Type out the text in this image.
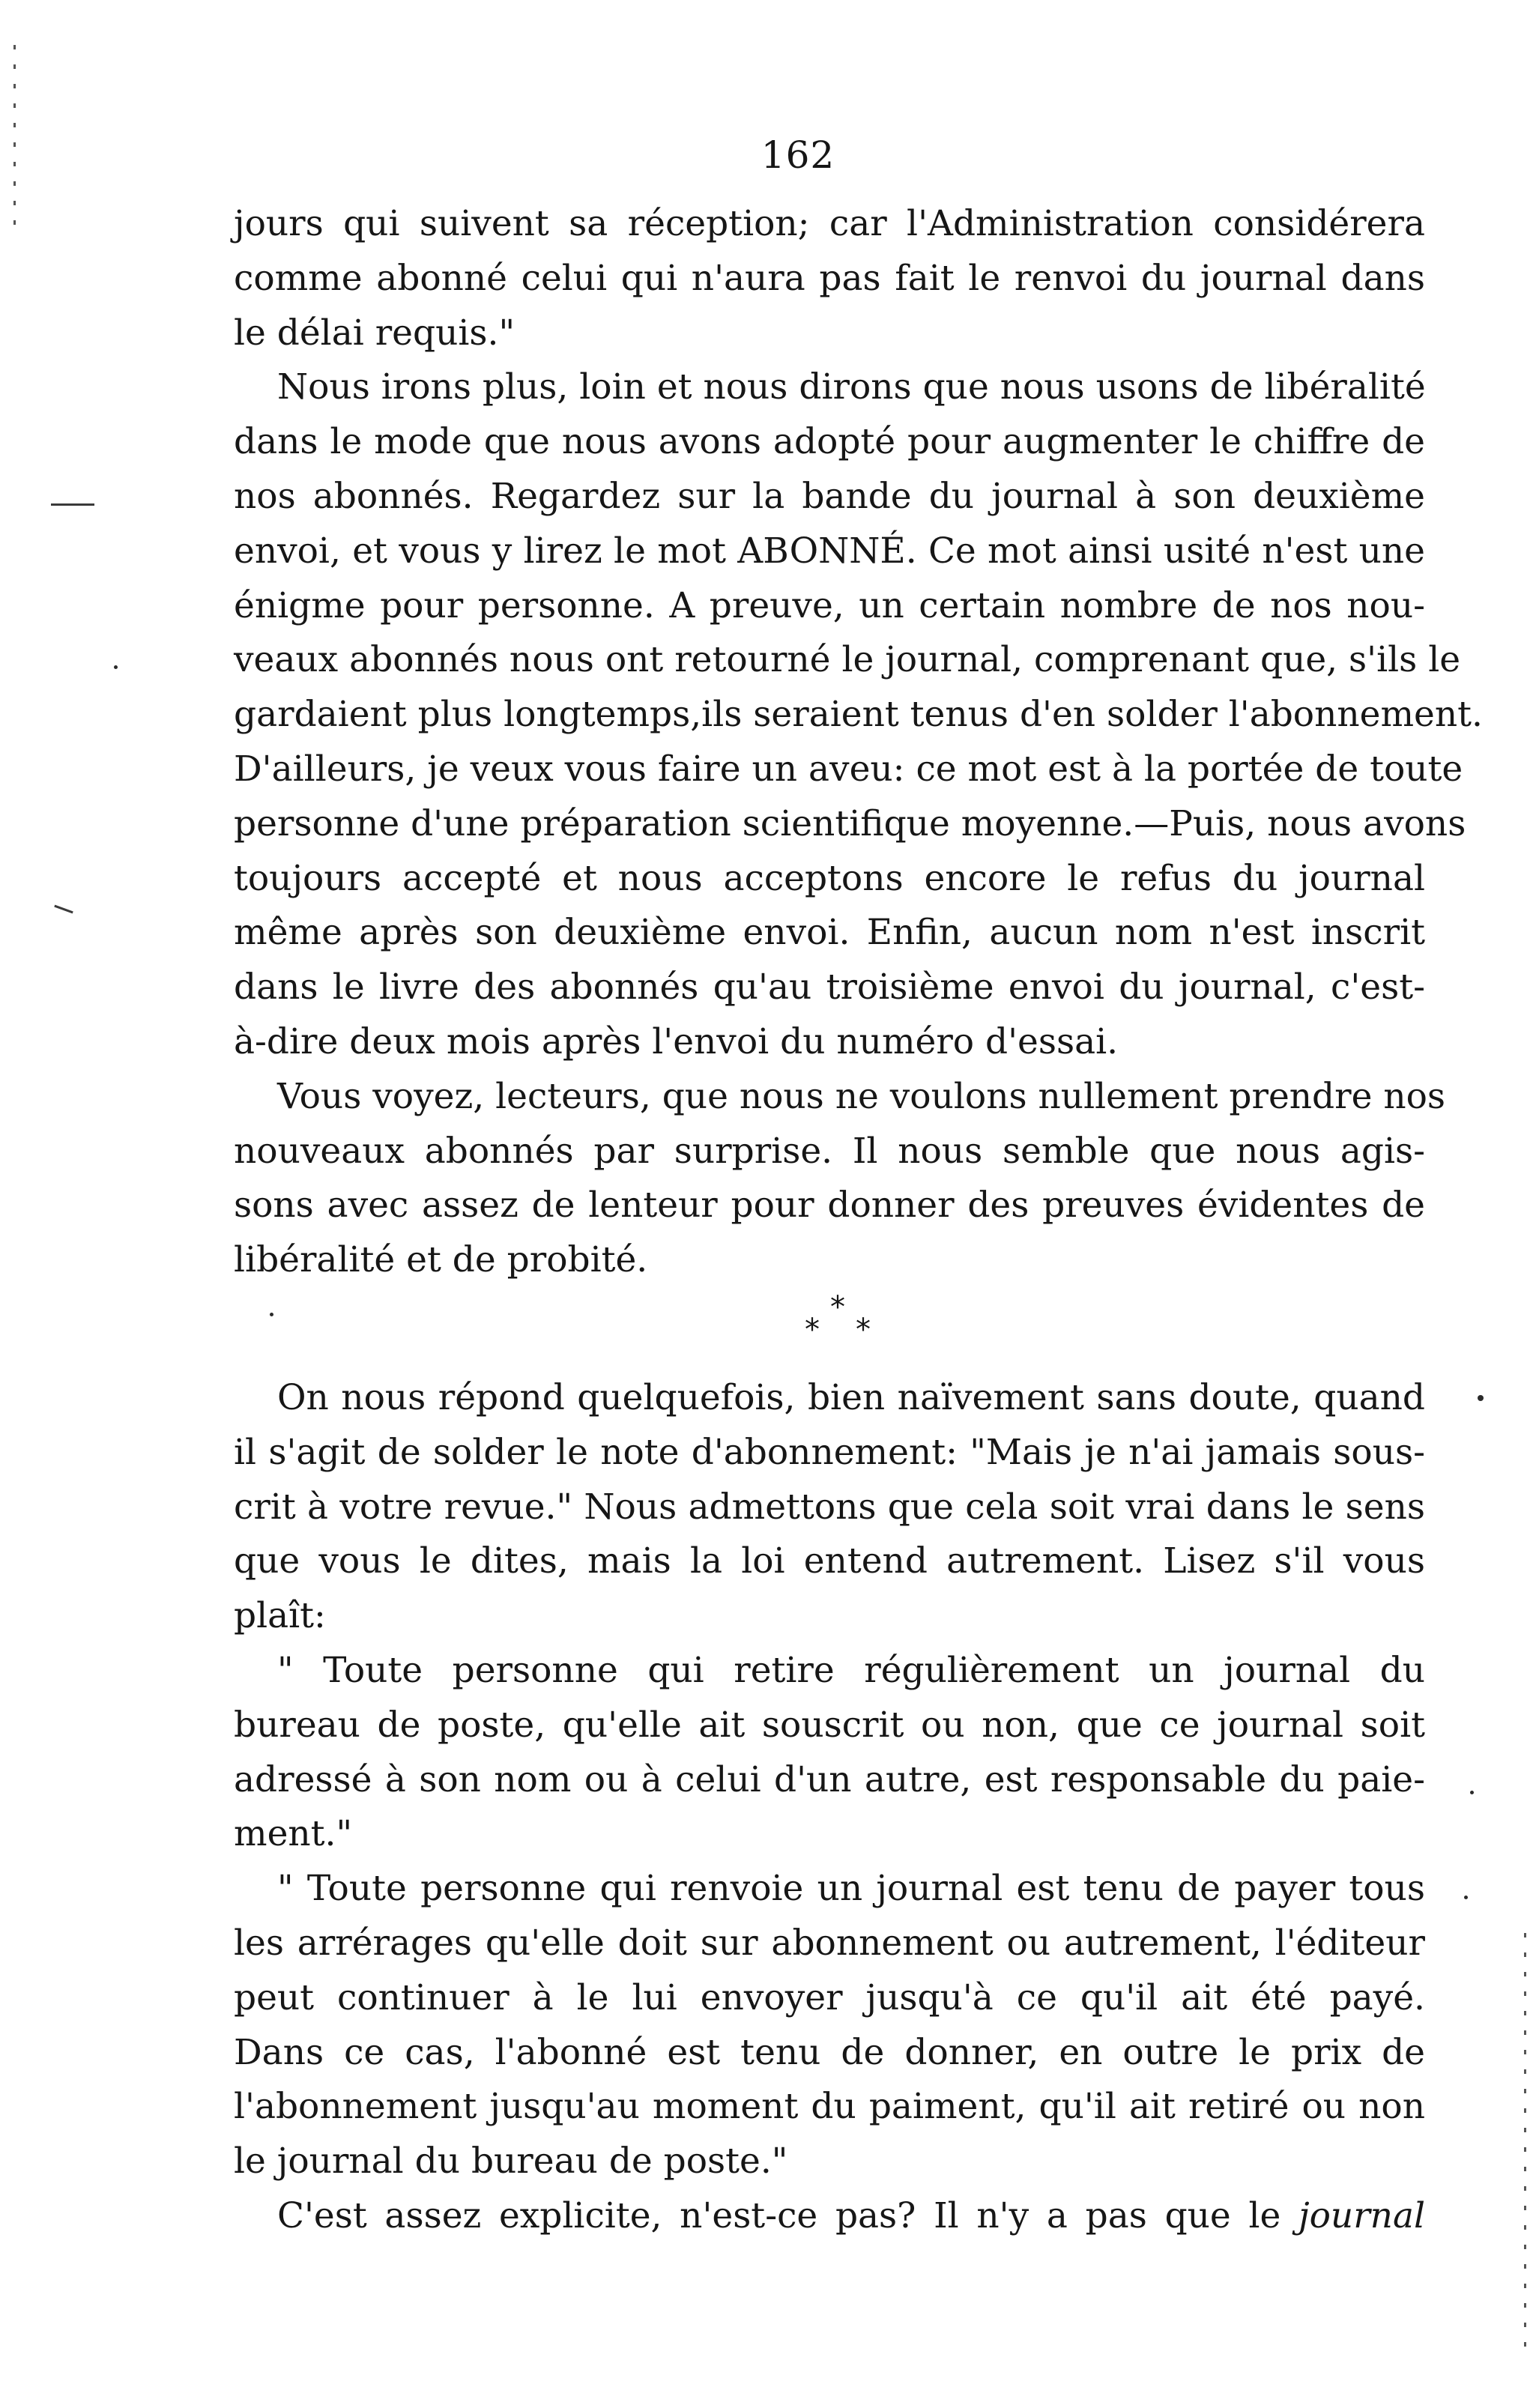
162

jours qui suivent sa réception; car l'Administration considérera
comme abonné celui qui n'aura pas fait le renvoi du journal dans
le délai requis."

Nous irons plus, loin et nous dirons que nous usons de libéralité
dans le mode que nous avons adopté pour augmenter le chiffre de
nos abonnés. Regardez sur la bande du journal à son deuxième
envoi, et vous y lirez le mot ABONNÉ. Ce mot ainsi usité n'est une
énigme pour personne. A preuve, un certain nombre de nos nou-
veaux abonnés nous ont retourné le journal, comprenant que, s'ils le
gardaient plus longtemps,ils seraient tenus d'en solder l'abonnement.
D'ailleurs, je veux vous faire un aveu: ce mot est à la portée de toute
personne d'une préparation scientifique moyenne.—Puis, nous avons
toujours accepté et nous acceptons encore le refus du journal
même après son deuxième envoi. Enfin, aucun nom n'est inscrit
dans le livre des abonnés qu'au troisième envoi du journal, c'est-
à-dire deux mois après l'envoi du numéro d'essai.

Vous voyez, lecteurs, que nous ne voulons nullement prendre nos
nouveaux abonnés par surprise. Il nous semble que nous agis-
sons avec assez de lenteur pour donner des preuves évidentes de
libéralité et de probité.

*
* *

On nous répond quelquefois, bien naïvement sans doute, quand
il s'agit de solder le note d'abonnement: "Mais je n'ai jamais sous-
crit à votre revue." Nous admettons que cela soit vrai dans le sens
que vous le dites, mais la loi entend autrement. Lisez s'il vous
plaît:

" Toute personne qui retire régulièrement un journal du
bureau de poste, qu'elle ait souscrit ou non, que ce journal soit
adressé à son nom ou à celui d'un autre, est responsable du paie-
ment."

" Toute personne qui renvoie un journal est tenu de payer tous
les arrérages qu'elle doit sur abonnement ou autrement, l'éditeur
peut continuer à le lui envoyer jusqu'à ce qu'il ait été payé.
Dans ce cas, l'abonné est tenu de donner, en outre le prix de
l'abonnement jusqu'au moment du paiment, qu'il ait retiré ou non
le journal du bureau de poste."

C'est assez explicite, n'est-ce pas? Il n'y a pas que le journal
